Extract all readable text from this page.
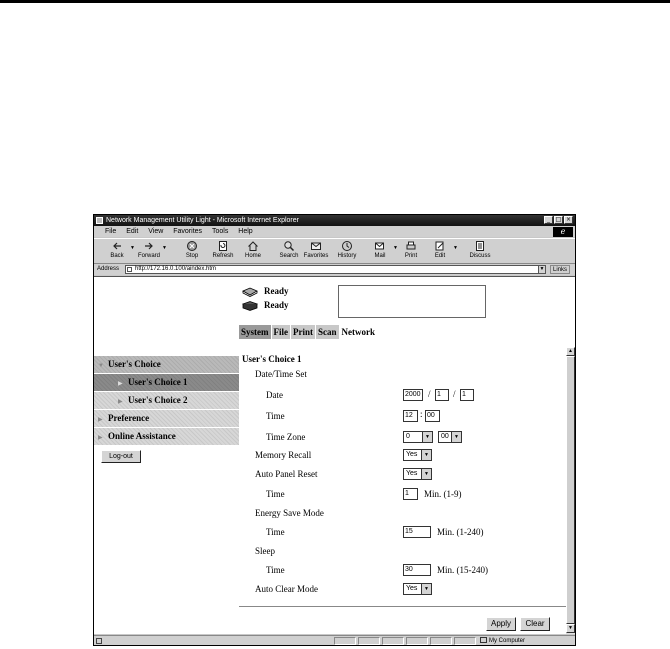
Network Management Utility Light - Microsoft Internet Explorer	_ □ ×
File Edit View Favorites Tools Help	e
Back
▼
Forward
▼
Stop	Refresh	Home	Search Favorites	History	Mail
▼
Print	Edit
▼
Discuss
Address	http://172.16.0.100/aindex.htm	▼	Links
Ready
Ready
System File Print Scan Network
▼ User's Choice
▶ User's Choice 1
▶ User's Choice 2
▶ Preference
▶ Online Assistance
Log-out
User's Choice 1
Date/Time Set
Date	2000 / 1	/ 1
Time	12 : 00
Time Zone	0	▼	00	▼
Memory Recall	Yes	▼
Auto Panel Reset	Yes	▼
Time	1	Min. (1-9)
Energy Save Mode
Time	15	Min. (1-240)
Sleep
Time	30	Min. (15-240)
Auto Clear Mode	Yes	▼
Apply	Clear
▲
▼
My Computer
